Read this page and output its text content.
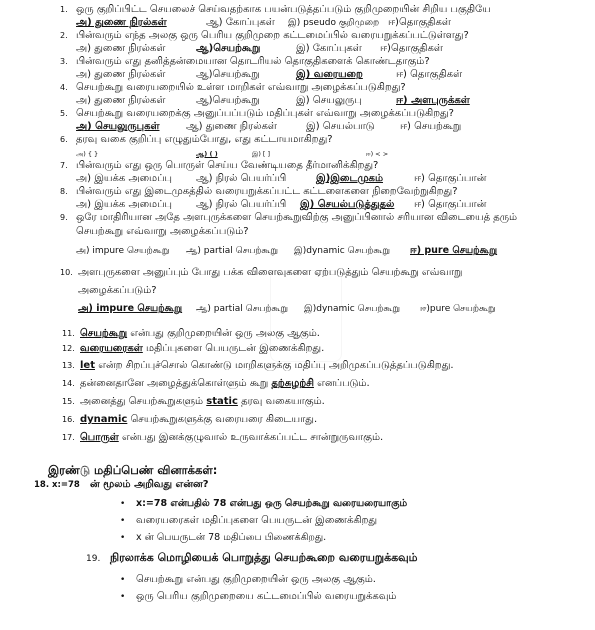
1. ஒரு குறிப்பிட்ட செயலைச் செய்வதற்காக பயன்படுத்தப்படும் குறிமுறையின் சிறிய பகுதியே
அ) துணை நிரல்கள்	ஆ) கோப்புகள் இ) pseudo குறிமுறை ஈ)தொகுதிகள்
2. பின்வரும் எந்த அலகு ஒரு பெரிய குறிமுறை கட்டமைப்பில் வரையறுக்கப்பட்டுள்ளது?
அ) துணை நிரல்கள்	ஆ)செயற்கூறு	இ) கோப்புகள் ஈ)தொகுதிகள்
3. பின்வரும் எது தனித்தன்மையான தொடரியல் தொகுதிகளைக் கொண்டதாகும்?
அ) துணை நிரல்கள்	ஆ)செயற்கூறு	இ) வரையறை	ஈ) தொகுதிகள்
4. செயற்கூறு வரையறையில் உள்ள மாறிகள் எவ்வாறு அழைக்கப்படுகிறது?
அ) துணை நிரல்கள்	ஆ)செயற்கூறு	இ) செயலுருபு	ஈ) அளபுருக்கள்
5. செயற்கூறு வரையறைக்கு அனுப்பப்படும் மதிப்புகள் எவ்வாறு அழைக்கப்படுகிறது?
அ) செயலுருபுகள்	ஆ) துணை நிரல்கள்	இ) செயல்பாடு	ஈ) செயற்கூறு
6. தரவு வகை குறிப்பு எழுதும்போது, எது கட்டாயமாகிறது?
அ) { }	ஆ) ( )	இ) [ ]	ஈ) < >
7. பின்வரும் எது ஒரு பொருள் செய்ய வேண்டியதை தீர்மானிக்கிறது?
அ) இயக்க அமைப்பு ஆ) நிரல் பெயர்ப்பி	இ)இடைமுகம்	ஈ) தொகுப்பான்
8. பின்வரும் எது இடைமுகத்தில் வரையறுக்கப்பட்ட கட்டளைகளை நிறைவேற்றுகிறது?
அ) இயக்க அமைப்பு ஆ) நிரல் பெயர்ப்பி இ) செயல்படுத்துதல் ஈ) தொகுப்பான்
9. ஒரே மாதிரியான அதே அளபுருக்களை செயற்கூறுவிற்கு அனுப்பினால் சரியான விடையைத் தரும்
செயற்கூறு எவ்வாறு அழைக்கப்படும்?
அ) impure செயற்கூறு ஆ) partial செயற்கூறு இ)dynamic செயற்கூறு ஈ) pure செயற்கூறு
10. அளபுருகளை அனுப்பும் போது பக்க விளைவுகளை ஏற்படுத்தும் செயற்கூறு எவ்வாறு
அழைக்கப்படும்?
அ) impure செயற்கூறு ஆ) partial செயற்கூறு இ)dynamic செயற்கூறு ஈ)pure செயற்கூறு
11. செயற்கூறு என்பது குறிமுறையின் ஒரு அலகு ஆகும்.
12. வரையரைகள் மதிப்புகளை பெயருடன் இணைக்கிறது.
13. let என்ற சிறப்புச்சொல் கொண்டு மாறிகளுக்கு மதிப்பு அறிமுகப்படுத்தப்படுகிறது.
14. தன்னைதானே அழைத்துக்கொள்ளும் கூறு தற்சுழற்சி எனப்படும்.
15. அனைத்து செயற்கூறுகளும் static தரவு வகையாகும்.
16. dynamic செயற்கூறுகளுக்கு வரையரை கிடையாது.
17. பொருள் என்பது இனக்குழுவால் உருவாக்கப்பட்ட சான்றுருவாகும்.
இரண்டு மதிப்பெண் வினாக்கள்:
18. x:=78 ன் மூலம் அறிவது என்ன?
• x:=78 என்பதில் 78 என்பது ஒரு செயற்கூறு வரையரையாகும்
• வரையரைகள் மதிப்புகளை பெயருடன் இணைக்கிறது
• x ன் பெயருடன் 78 மதிப்பை பிணைக்கிறது.
19. நிரலாக்க மொழியைக் பொறுத்து செயற்கூறை வரையறுக்கவும்
• செயற்கூறு என்பது குறிமுறையின் ஒரு அலகு ஆகும்.
• ஒரு பெரிய குறிமுறையை கட்டமைப்பில் வரையறுக்கவும்
